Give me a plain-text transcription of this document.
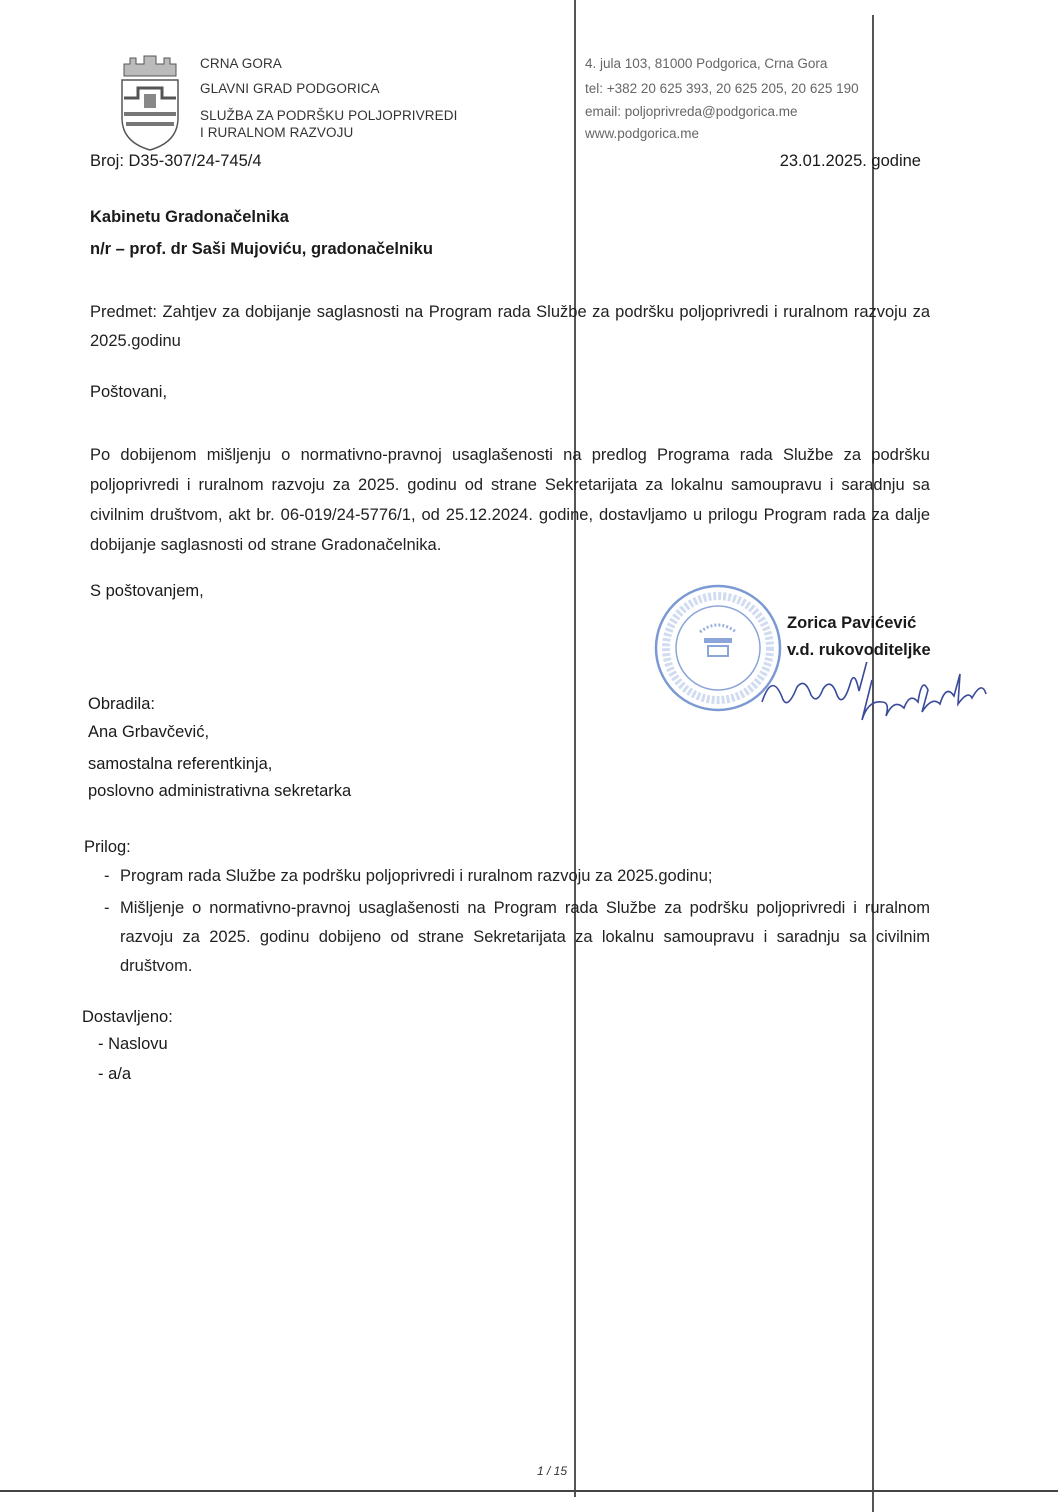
CRNA GORA
GLAVNI GRAD PODGORICA
SLUŽBA ZA PODRŠKU POLJOPRIVREDI
I RURALNOM RAZVOJU
4. jula 103, 81000 Podgorica, Crna Gora
tel: +382 20 625 393, 20 625 205, 20 625 190
email: poljoprivreda@podgorica.me
www.podgorica.me
Broj: D35-307/24-745/4	23.01.2025. godine
Kabinetu Gradonačelnika
n/r – prof. dr Saši Mujoviću, gradonačelniku
Predmet: Zahtjev za dobijanje saglasnosti na Program rada Službe za podršku poljoprivredi i ruralnom razvoju za 2025.godinu
Poštovani,
Po dobijenom mišljenju o normativno-pravnoj usaglašenosti na predlog Programa rada Službe za podršku poljoprivredi i ruralnom razvoju za 2025. godinu od strane Sekretarijata za lokalnu samoupravu i saradnju sa civilnim društvom, akt br. 06-019/24-5776/1, od 25.12.2024. godine, dostavljamo u prilogu Program rada za dalje dobijanje saglasnosti od strane Gradonačelnika.
S poštovanjem,
Zorica Pavićević
v.d. rukovoditeljke
Obradila:
Ana Grbavčević,
samostalna referentkinja,
poslovno administrativna sekretarka
Prilog:
- Program rada Službe za podršku poljoprivredi i ruralnom razvoju za 2025.godinu;
- Mišljenje o normativno-pravnoj usaglašenosti na Program rada Službe za podršku poljoprivredi i ruralnom razvoju za 2025. godinu dobijeno od strane Sekretarijata za lokalnu samoupravu i saradnju sa civilnim društvom.
Dostavljeno:
- Naslovu
- a/a
1 / 15
